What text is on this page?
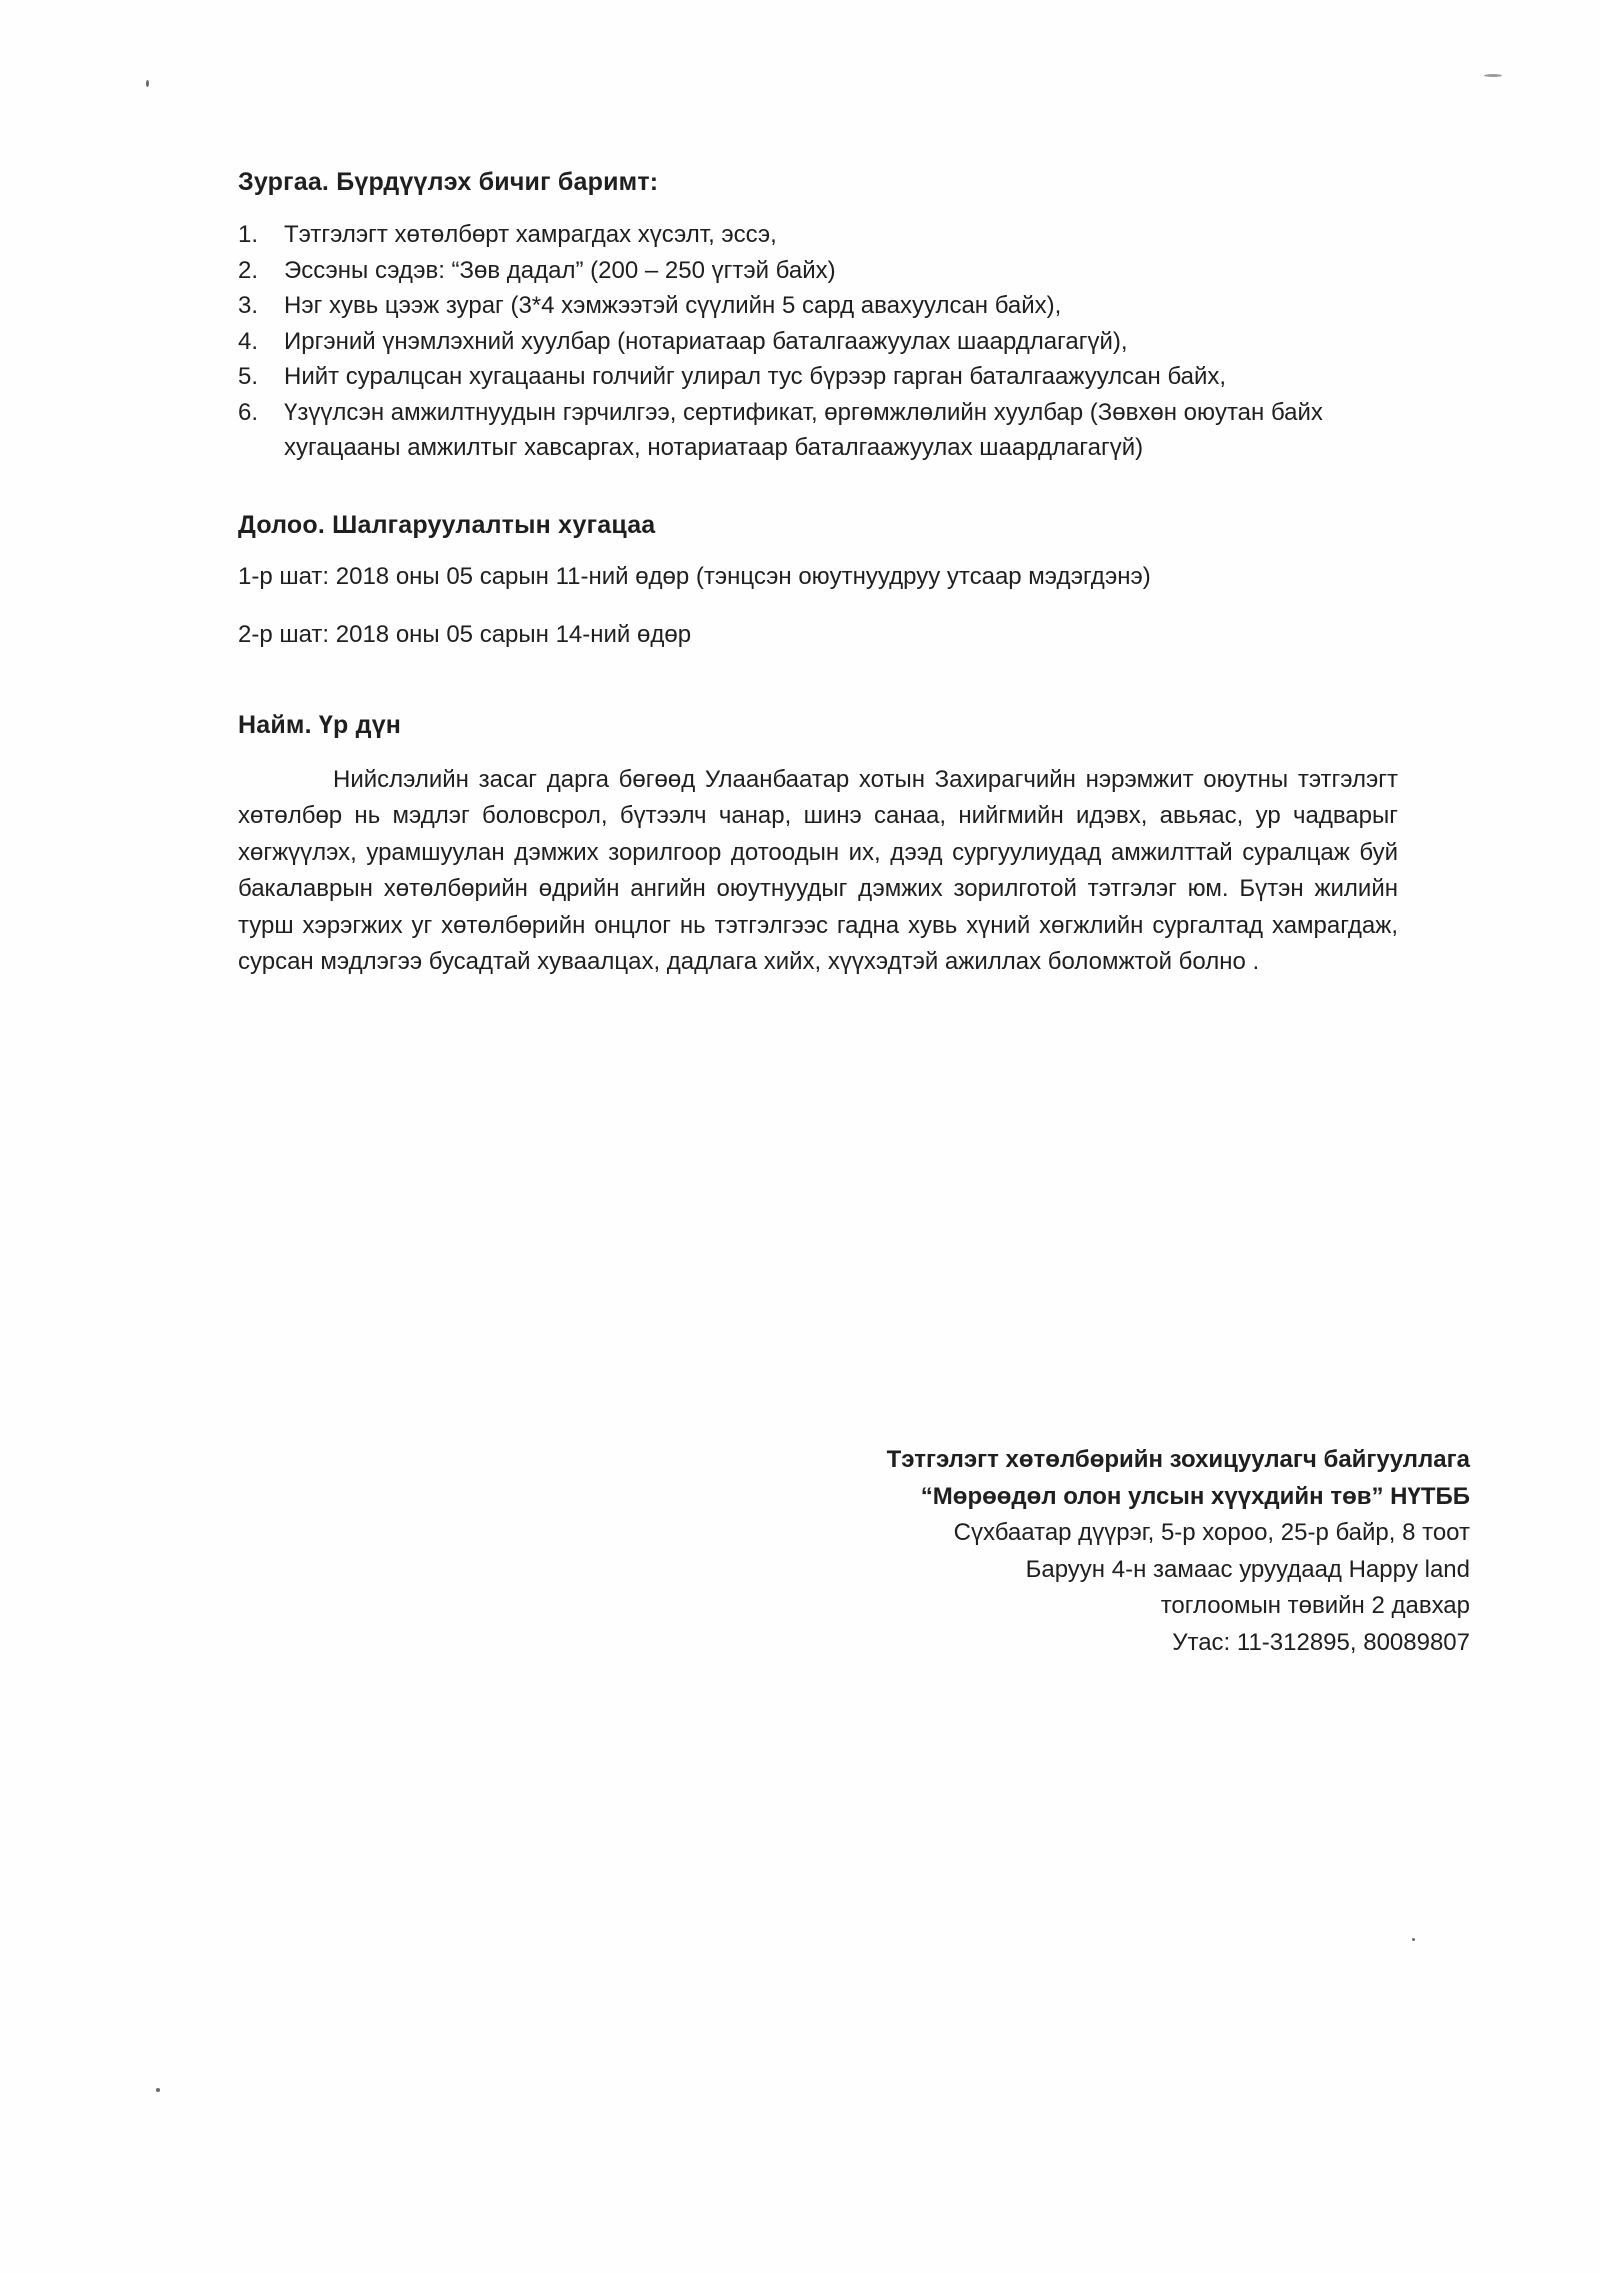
Зургаа. Бүрдүүлэх бичиг баримт:
1. Тэтгэлэгт хөтөлбөрт хамрагдах хүсэлт, эссэ,
2. Эссэны сэдэв: “Зөв дадал” (200 – 250 үгтэй байх)
3. Нэг хувь цээж зураг (3*4 хэмжээтэй сүүлийн 5 сард авахуулсан байх),
4. Иргэний үнэмлэхний хуулбар (нотариатаар баталгаажуулах шаардлагагүй),
5. Нийт суралцсан хугацааны голчийг улирал тус бүрээр гарган баталгаажуулсан байх,
6. Үзүүлсэн амжилтнуудын гэрчилгээ, сертификат, өргөмжлөлийн хуулбар (Зөвхөн оюутан байх хугацааны амжилтыг хавсаргах, нотариатаар баталгаажуулах шаардлагагүй)
Долоо. Шалгаруулалтын хугацаа

1-р шат: 2018 оны 05 сарын 11-ний өдөр (тэнцсэн оюутнуудруу утсаар мэдэгдэнэ)

2-р шат: 2018 оны 05 сарын 14-ний өдөр

Найм. Үр дүн

Нийслэлийн засаг дарга бөгөөд Улаанбаатар хотын Захирагчийн нэрэмжит оюутны тэтгэлэгт хөтөлбөр нь мэдлэг боловсрол, бүтээлч чанар, шинэ санаа, нийгмийн идэвх, авьяас, ур чадварыг хөгжүүлэх, урамшуулан дэмжих зорилгоор дотоодын их, дээд сургуулиудад амжилттай суралцаж буй бакалаврын хөтөлбөрийн өдрийн ангийн оюутнуудыг дэмжих зорилготой тэтгэлэг юм. Бүтэн жилийн турш хэрэгжих уг хөтөлбөрийн онцлог нь тэтгэлгээс гадна хувь хүний хөгжлийн сургалтад хамрагдаж, сурсан мэдлэгээ бусадтай хуваалцах, дадлага хийх, хүүхэдтэй ажиллах боломжтой болно .

Тэтгэлэгт хөтөлбөрийн зохицуулагч байгууллага
“Мөрөөдөл олон улсын хүүхдийн төв” НҮТББ
Сүхбаатар дүүрэг, 5-р хороо, 25-р байр, 8 тоот
Баруун 4-н замаас уруудаад Happy land
тоглоомын төвийн 2 давхар
Утас: 11-312895, 80089807
